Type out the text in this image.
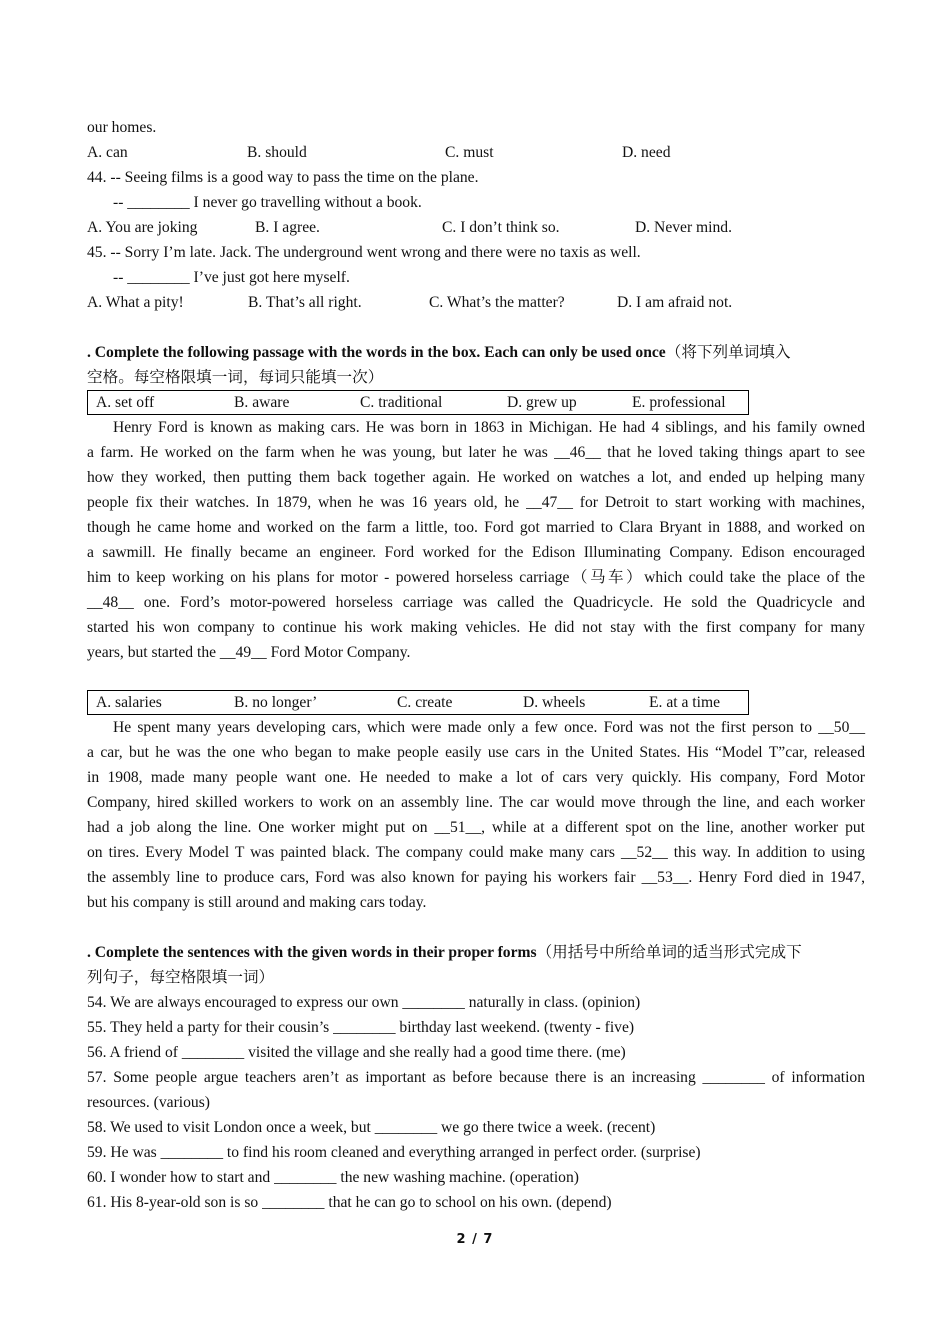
our homes.
A. can	B. should	C. must	D. need
44. -- Seeing films is a good way to pass the time on the plane.
-- ________ I never go travelling without a book.
A. You are joking	B. I agree.	C. I don’t think so.	D. Never mind.
45. -- Sorry I’m late. Jack. The underground went wrong and there were no taxis as well.
-- ________ I’ve just got here myself.
A. What a pity!	B. That’s all right.	C. What’s the matter?	D. I am afraid not.
. Complete the following passage with the words in the box. Each can only be used once（将下列单词填入
空格。每空格限填一词，每词只能填一次）
A. set off	B. aware	C. traditional	D. grew up	E. professional
Henry Ford is known as making cars. He was born in 1863 in Michigan. He had 4 siblings, and his family owned
a farm. He worked on the farm when he was young, but later he was __46__ that he loved taking things apart to see
how they worked, then putting them back together again. He worked on watches a lot, and ended up helping many
people fix their watches. In 1879, when he was 16 years old, he __47__ for Detroit to start working with machines,
though he came home and worked on the farm a little, too. Ford got married to Clara Bryant in 1888, and worked on
a sawmill. He finally became an engineer. Ford worked for the Edison Illuminating Company. Edison encouraged
him to keep working on his plans for motor - powered horseless carriage（马车）which could take the place of the
__48__ one. Ford’s motor-powered horseless carriage was called the Quadricycle. He sold the Quadricycle and
started his won company to continue his work making vehicles. He did not stay with the first company for many
years, but started the __49__ Ford Motor Company.
A. salaries	B. no longer’	C. create	D. wheels	E. at a time
He spent many years developing cars, which were made only a few once. Ford was not the first person to __50__
a car, but he was the one who began to make people easily use cars in the United States. His “Model T”car, released
in 1908, made many people want one. He needed to make a lot of cars very quickly. His company, Ford Motor
Company, hired skilled workers to work on an assembly line. The car would move through the line, and each worker
had a job along the line. One worker might put on __51__, while at a different spot on the line, another worker put
on tires. Every Model T was painted black. The company could make many cars __52__ this way. In addition to using
the assembly line to produce cars, Ford was also known for paying his workers fair __53__. Henry Ford died in 1947,
but his company is still around and making cars today.
. Complete the sentences with the given words in their proper forms（用括号中所给单词的适当形式完成下
列句子，每空格限填一词）
54. We are always encouraged to express our own ________ naturally in class. (opinion)
55. They held a party for their cousin’s ________ birthday last weekend. (twenty - five)
56. A friend of ________ visited the village and she really had a good time there. (me)
57. Some people argue teachers aren’t as important as before because there is an increasing ________ of information
resources. (various)
58. We used to visit London once a week, but ________ we go there twice a week. (recent)
59. He was ________ to find his room cleaned and everything arranged in perfect order. (surprise)
60. I wonder how to start and ________ the new washing machine. (operation)
61. His 8-year-old son is so ________ that he can go to school on his own. (depend)
2 / 7
